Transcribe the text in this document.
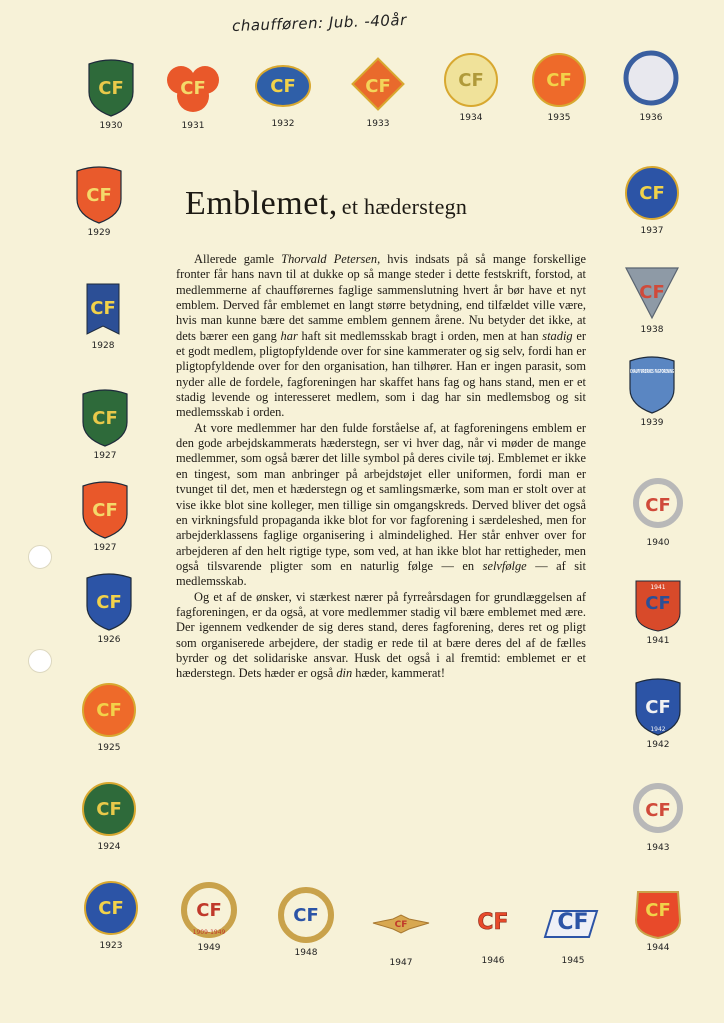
chaufføren: Jub. -40år
Emblemet, et hæderstegn

Allerede gamle Thorvald Petersen, hvis indsats på så mange forskellige fronter får hans navn til at dukke op så mange steder i dette festskrift, forstod, at medlemmerne af chaufførernes faglige sammenslutning hvert år bør have et nyt emblem. Derved får emblemet en langt større betydning, end tilfældet ville være, hvis man kunne bære det samme emblem gennem årene. Nu betyder det ikke, at dets bærer een gang har haft sit medlemsskab bragt i orden, men at han stadig er et godt medlem, pligtopfyldende over for sine kammerater og sig selv, fordi han er pligtopfyldende over for den organisation, han tilhører. Han er ingen parasit, som nyder alle de fordele, fagforeningen har skaffet hans fag og hans stand, men er et stadig levende og interesseret medlem, som i dag har sin medlemsbog og sit medlemsskab i orden.

At vore medlemmer har den fulde forståelse af, at fagforeningens emblem er den gode arbejdskammerats hæderstegn, ser vi hver dag, når vi møder de mange medlemmer, som også bærer det lille symbol på deres civile tøj. Emblemet er ikke en tingest, som man anbringer på arbejdstøjet eller uniformen, fordi man er tvunget til det, men et hæderstegn og et samlingsmærke, som man er stolt over at vise ikke blot sine kolleger, men tillige sin omgangskreds. Derved bliver det også en virkningsfuld propaganda ikke blot for vor fagforening i særdeleshed, men for arbejderklassens faglige organisering i almindelighed. Her står enhver over for arbejderen af den helt rigtige type, som ved, at han ikke blot har rettigheder, men også tilsvarende pligter som en naturlig følge — en selvfølge — af sit medlemsskab.

Og et af de ønsker, vi stærkest nærer på fyrreårsdagen for grundlæggelsen af fagforeningen, er da også, at vore medlemmer stadig vil bære emblemet med ære. Der igennem vedkender de sig deres stand, deres fagforening, deres ret og pligt som organiserede arbejdere, der stadig er rede til at bære deres del af de fælles byrder og det solidariske ansvar. Husk det også i al fremtid: emblemet er et hæderstegn. Dets hæder er også din hæder, kammerat!

CF
1930
CF
1931
CF
1932
CF
1933
CF
1934
CF
1935
CF
1936
CF
1929
CF
1937
CF
1928
CF
1938
CF
1927
CHAUFFØRERNES FAGFORENING
1939
CF
1927
CF
1940
CF
1926
CF
1941
1941
CF
1925
CF
1942
1942
CF
1924
CF
1943
CF
1923
CF
1909-1949
1949
CF
1948
CF
1947
CF
1946
CF
1945
CF
1944
